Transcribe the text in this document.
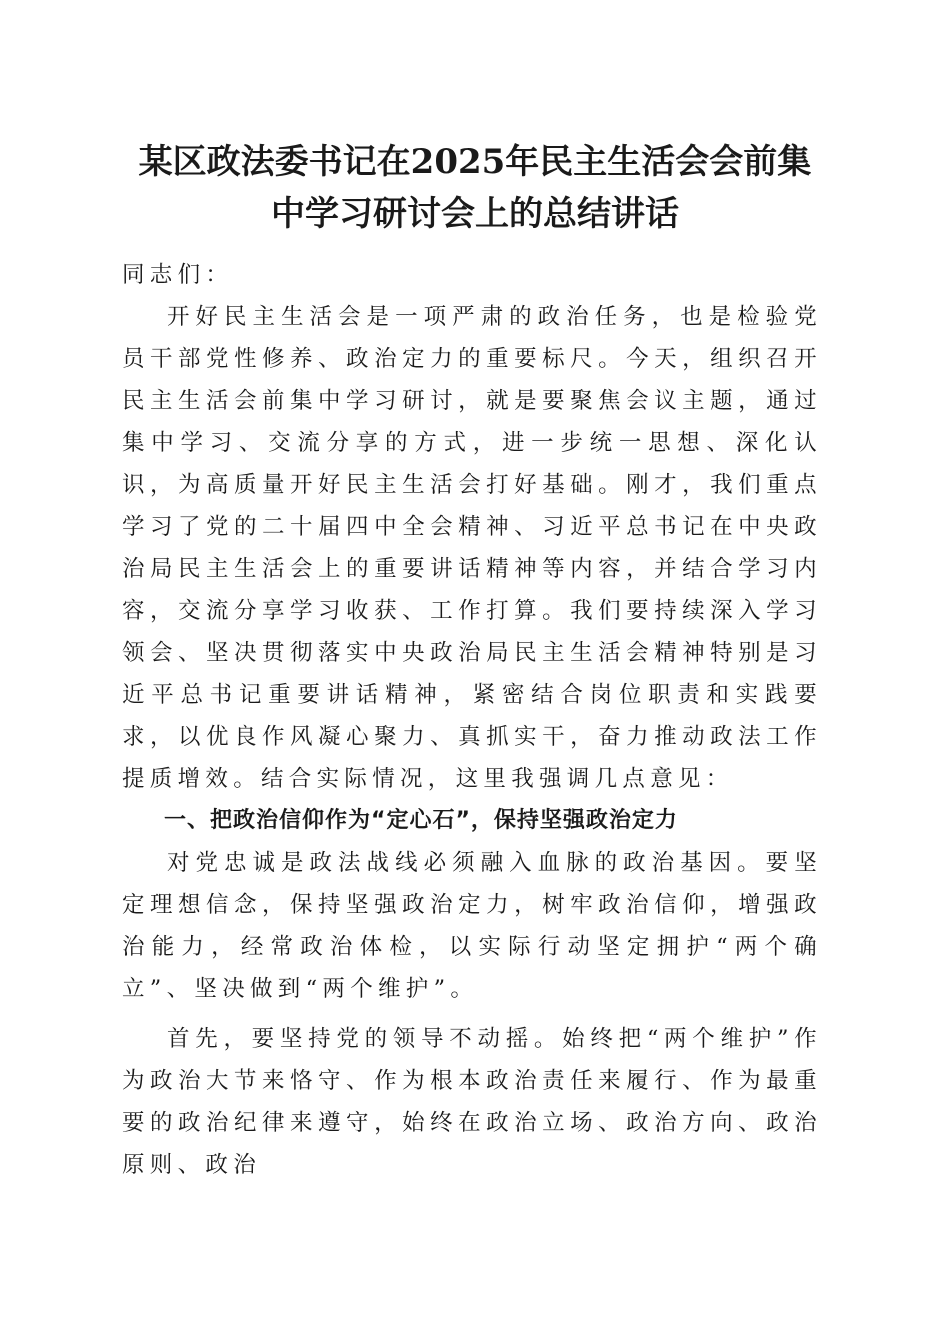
某区政法委书记在2025年民主生活会会前集
中学习研讨会上的总结讲话

同志们：

开好民主生活会是一项严肃的政治任务，也是检验党员干部党性修养、政治定力的重要标尺。今天，组织召开民主生活会前集中学习研讨，就是要聚焦会议主题，通过集中学习、交流分享的方式，进一步统一思想、深化认识，为高质量开好民主生活会打好基础。刚才，我们重点学习了党的二十届四中全会精神、习近平总书记在中央政治局民主生活会上的重要讲话精神等内容，并结合学习内容，交流分享学习收获、工作打算。我们要持续深入学习领会、坚决贯彻落实中央政治局民主生活会精神特别是习近平总书记重要讲话精神，紧密结合岗位职责和实践要求，以优良作风凝心聚力、真抓实干，奋力推动政法工作提质增效。结合实际情况，这里我强调几点意见：

一、把政治信仰作为“定心石”，保持坚强政治定力

对党忠诚是政法战线必须融入血脉的政治基因。要坚定理想信念，保持坚强政治定力，树牢政治信仰，增强政治能力，经常政治体检，以实际行动坚定拥护“两个确立”、坚决做到“两个维护”。

首先，要坚持党的领导不动摇。始终把“两个维护”作为政治大节来恪守、作为根本政治责任来履行、作为最重要的政治纪律来遵守，始终在政治立场、政治方向、政治原则、政治
